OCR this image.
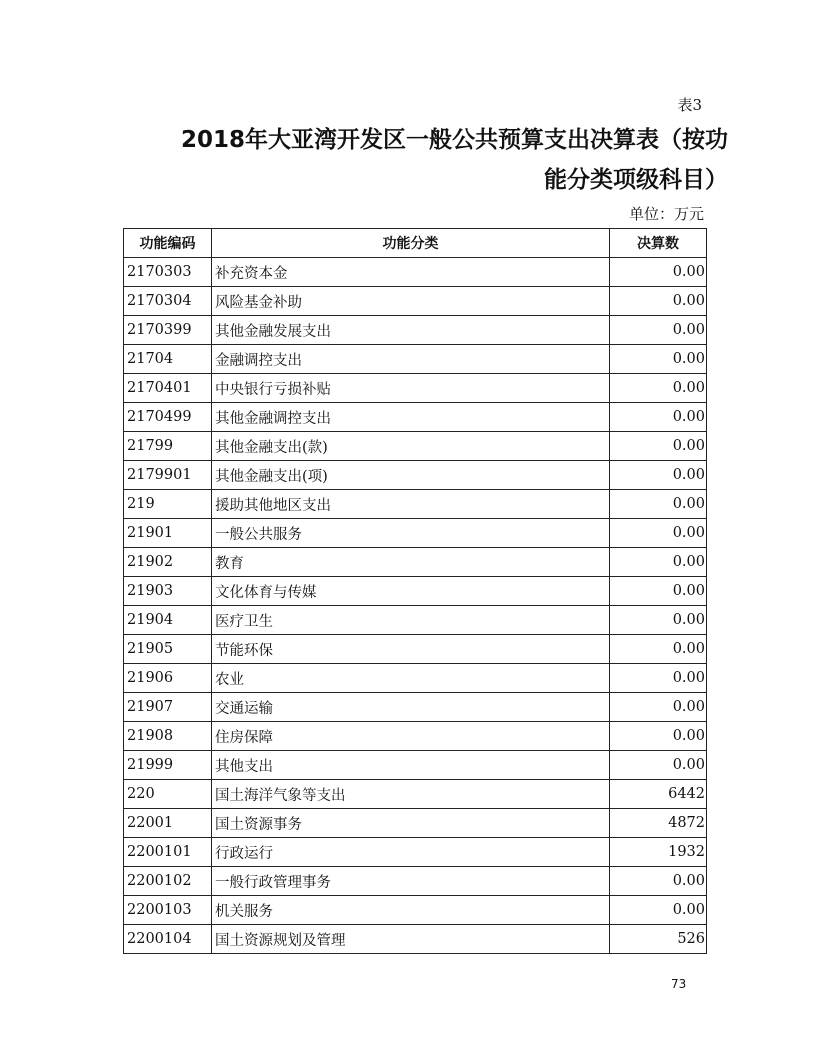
表3
2018年大亚湾开发区一般公共预算支出决算表（按功
能分类项级科目）
单位：万元
功能编码	功能分类	决算数
2170303	补充资本金	0.00
2170304	风险基金补助	0.00
2170399	其他金融发展支出	0.00
21704	金融调控支出	0.00
2170401	中央银行亏损补贴	0.00
2170499	其他金融调控支出	0.00
21799	其他金融支出(款)	0.00
2179901	其他金融支出(项)	0.00
219	援助其他地区支出	0.00
21901	一般公共服务	0.00
21902	教育	0.00
21903	文化体育与传媒	0.00
21904	医疗卫生	0.00
21905	节能环保	0.00
21906	农业	0.00
21907	交通运输	0.00
21908	住房保障	0.00
21999	其他支出	0.00
220	国土海洋气象等支出	6442
22001	国土资源事务	4872
2200101	行政运行	1932
2200102	一般行政管理事务	0.00
2200103	机关服务	0.00
2200104	国土资源规划及管理	526
73
